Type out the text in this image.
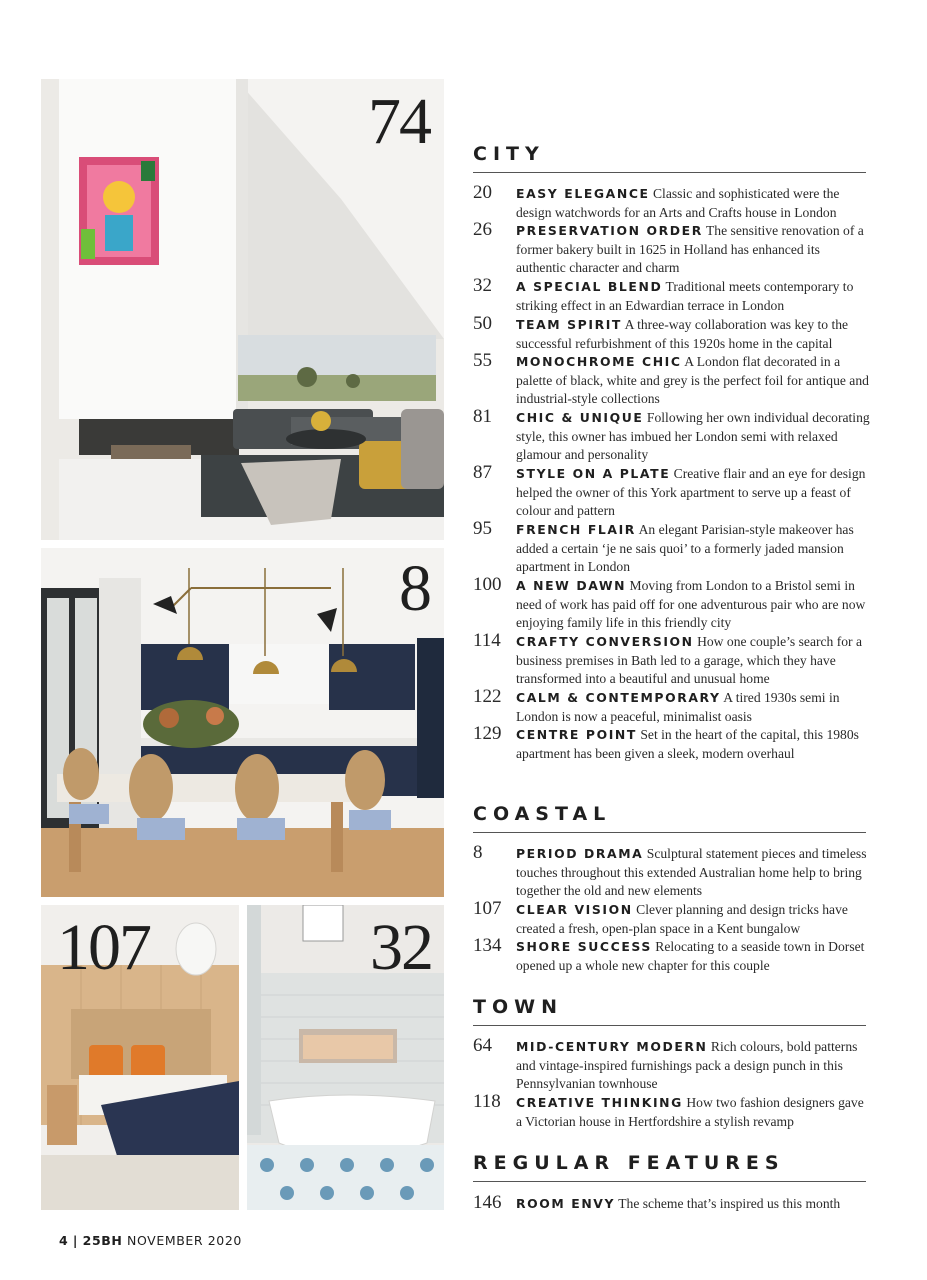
74
8
107	32
CITY
20 EASY ELEGANCE Classic and sophisticated were the design watchwords for an Arts and Crafts house in London
26 PRESERVATION ORDER The sensitive renovation of a former bakery built in 1625 in Holland has enhanced its authentic character and charm
32 A SPECIAL BLEND Traditional meets contemporary to striking effect in an Edwardian terrace in London
50 TEAM SPIRIT A three-way collaboration was key to the successful refurbishment of this 1920s home in the capital
55 MONOCHROME CHIC A London flat decorated in a palette of black, white and grey is the perfect foil for antique and industrial-style collections
81 CHIC & UNIQUE Following her own individual decorating style, this owner has imbued her London semi with relaxed glamour and personality
87 STYLE ON A PLATE Creative flair and an eye for design helped the owner of this York apartment to serve up a feast of colour and pattern
95 FRENCH FLAIR An elegant Parisian-style makeover has added a certain ‘je ne sais quoi’ to a formerly jaded mansion apartment in London
100 A NEW DAWN Moving from London to a Bristol semi in need of work has paid off for one adventurous pair who are now enjoying family life in this friendly city
114 CRAFTY CONVERSION How one couple’s search for a business premises in Bath led to a garage, which they have transformed into a beautiful and unusual home
122 CALM & CONTEMPORARY A tired 1930s semi in London is now a peaceful, minimalist oasis
129 CENTRE POINT Set in the heart of the capital, this 1980s apartment has been given a sleek, modern overhaul
COASTAL
8	PERIOD DRAMA Sculptural statement pieces and timeless touches throughout this extended Australian home help to bring together the old and new elements
107 CLEAR VISION Clever planning and design tricks have created a fresh, open-plan space in a Kent bungalow
134 SHORE SUCCESS Relocating to a seaside town in Dorset opened up a whole new chapter for this couple
TOWN
64 MID-CENTURY MODERN Rich colours, bold patterns and vintage-inspired furnishings pack a design punch in this Pennsylvanian townhouse
118 CREATIVE THINKING How two fashion designers gave a Victorian house in Hertfordshire a stylish revamp
REGULAR FEATURES
146 ROOM ENVY The scheme that’s inspired us this month
4 | 25BH NOVEMBER 2020
